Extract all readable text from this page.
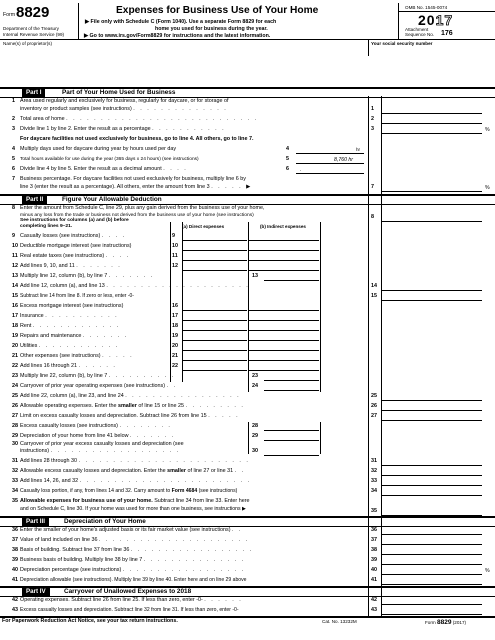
Form 8829
Department of the Treasury
Internal Revenue Service (99)
Expenses for Business Use of Your Home
▶ File only with Schedule C (Form 1040). Use a separate Form 8829 for each
home you used for business during the year.
▶ Go to www.irs.gov/Form8829 for instructions and the latest information.
OMB No. 1545-0074
2017
Attachment
Sequence No. 176
Name(s) of proprietor(s)	Your social security number
Part I	Part of Your Home Used for Business
1 Area used regularly and exclusively for business, regularly for daycare, or for storage of
inventory or product samples (see instructions) . . . . . . . . . . . . . .	1
2 Total area of home . . . . . . . . . . . . . . . . . . . . . . . . . . . .	2
3 Divide line 1 by line 2. Enter the result as a percentage . . . . . . . . . . .	3	%
For daycare facilities not used exclusively for business, go to line 4. All others, go to line 7.
4 Multiply days used for daycare during year by hours used per day	4	hr
5	Total hours available for use during the year (365 days x 24 hours) (see instructions)	5	8,760 hr
6 Divide line 4 by line 5. Enter the result as a decimal amount . . . .	6 .
7 Business percentage. For daycare facilities not used exclusively for business, multiply line 6 by
line 3 (enter the result as a percentage). All others, enter the amount from line 3 . . . . . ▶	7	%
Part II	Figure Your Allowable Deduction
8 Enter the amount from Schedule C, line 29, plus any gain derived from the business use of your home,
minus any loss from the trade or business not derived from the business use of your home (see instructions)	8
See instructions for columns (a) and (b) before completing lines 9–21.	(a) Direct expenses	(b) Indirect expenses
9 Casualty losses (see instructions) . . . .	9
10 Deductible mortgage interest (see instructions)	10
11 Real estate taxes (see instructions) . . . .	11
12 Add lines 9, 10, and 11 . . . . . . .	12
13 Multiply line 12, column (b), by line 7 . . . . . . .	13
14 Add line 12, column (a), and line 13 . . . . . . . . . . . . . . . . . . . . .	14
15 Subtract line 14 from line 8. If zero or less, enter -0-	15
16 Excess mortgage interest (see instructions)	16
17 Insurance . . . . . . . . . . .	17
18 Rent . . . . . . . . . . . . .	18
19 Repairs and maintenance . . . . . . .	19
20 Utilities . . . . . . . . . . . .	20
21 Other expenses (see instructions) . . . . .	21
22 Add lines 16 through 21 . . . . . .	22
23 Multiply line 22, column (b), by line 7 . . . . . . . . . .	23
24 Carryover of prior year operating expenses (see instructions) . .	24
25 Add line 22, column (a), line 23, and line 24 . . . . . . . . . . . . . . . . .	25
26 Allowable operating expenses. Enter the smaller of line 15 or line 25 . . . . . . . . .	26
27 Limit on excess casualty losses and depreciation. Subtract line 26 from line 15 . . . . .	27
28 Excess casualty losses (see instructions) . . . . . . . .	28
29 Depreciation of your home from line 41 below . . . . . . .	29
30 Carryover of prior year excess casualty losses and depreciation (see
instructions) . . . . . . . . . . . . . . . . . . .	30
31 Add lines 28 through 30 . . . . . . . . . . . . . . . . . . . . . . . . .	31
32 Allowable excess casualty losses and depreciation. Enter the smaller of line 27 or line 31 . .	32
33 Add lines 14, 26, and 32 . . . . . . . . . . . . . . . . . . . . . . . . .	33
34 Casualty loss portion, if any, from lines 14 and 32. Carry amount to Form 4684 (see instructions)	34
35 Allowable expenses for business use of your home. Subtract line 34 from line 33. Enter here
and on Schedule C, line 30. If your home was used for more than one business, see instructions ▶	35
Part III	Depreciation of Your Home
36 Enter the smaller of your home’s adjusted basis or its fair market value (see instructions) . .	36
37 Value of land included on line 36 . . . . . . . . . . . . . . . . . . . . . .	37
38 Basis of building. Subtract line 37 from line 36 . . . . . . . . . . . . . . . . . .	38
39 Business basis of building. Multiply line 38 by line 7 . . . . . . . . . . . . . . .	39
40 Depreciation percentage (see instructions) . . . . . . . . . . . . . . . . . .	40	%
41 Depreciation allowable (see instructions). Multiply line 39 by line 40. Enter here and on line 29 above	41
Part IV	Carryover of Unallowed Expenses to 2018
42 Operating expenses. Subtract line 26 from line 25. If less than zero, enter -0- . . . . . .	42
43 Excess casualty losses and depreciation. Subtract line 32 from line 31. If less than zero, enter -0-	43
For Paperwork Reduction Act Notice, see your tax return instructions.	Cat. No. 13232M	Form 8829 (2017)
